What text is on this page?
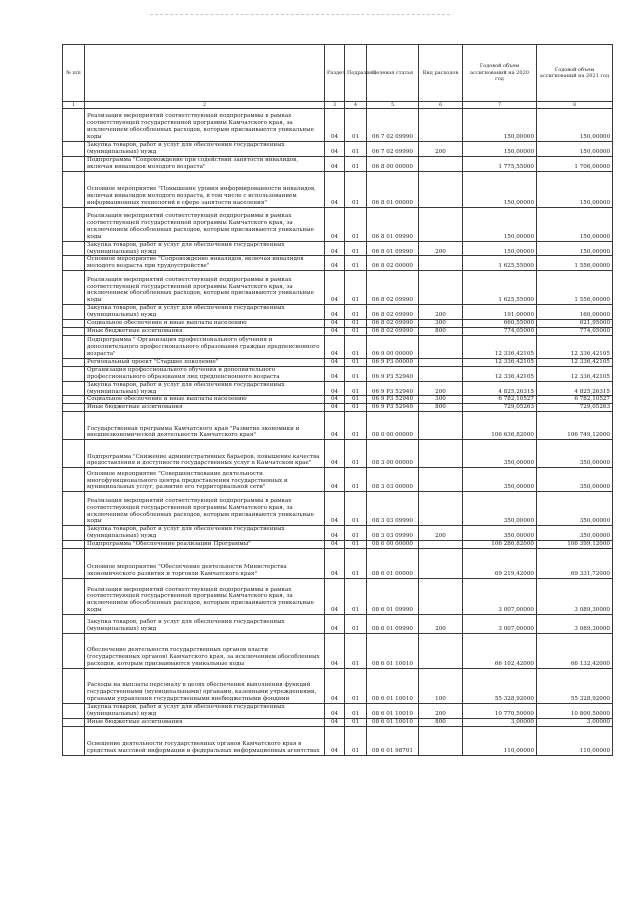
№ п/п		Раздел	Подраздел	Целевая статья	Вид расходов	Годовой объем ассигнований на 2020 год	Годовой объем ассигнований на 2021 год
1	2	3	4	5	6	7	8
	Реализация мероприятий соответствующей подпрограммы в рамках соответствующей государственной программы Камчатского края, за исключением обособленных расходов, которым присваиваются уникальные коды	04	01	06 7 02 09990		150,00000	150,00000
	Закупка товаров, работ и услуг для обеспечения государственных (муниципальных) нужд	04	01	06 7 02 09990	200	150,00000	150,00000
	Подпрограмма "Сопровождение при содействии занятости инвалидов, включая инвалидов молодого возраста"	04	01	06 8 00 00000		1 775,55000	1 706,00000
	Основное мероприятие "Повышение уровня информированности инвалидов, включая инвалидов молодого возраста, в том числе с использованием информационных технологий в сфере занятости населения"	04	01	06 8 01 00000		150,00000	150,00000
	Реализация мероприятий соответствующей подпрограммы в рамках соответствующей государственной программы Камчатского края, за исключением обособленных расходов, которым присваиваются уникальные коды	04	01	06 8 01 09990		150,00000	150,00000
	Закупка товаров, работ и услуг для обеспечения государственных (муниципальных) нужд	04	01	06 8 01 09990	200	150,00000	150,00000
	Основное мероприятие "Сопровождение инвалидов, включая инвалидов молодого возраста при трудоустройстве"	04	01	06 8 02 00000		1 625,55000	1 556,00000
	Реализация мероприятий соответствующей подпрограммы в рамках соответствующей государственной программы Камчатского края, за исключением обособленных расходов, которым присваиваются уникальные коды	04	01	06 8 02 09990		1 625,55000	1 556,00000
	Закупка товаров, работ и услуг для обеспечения государственных (муниципальных) нужд	04	01	06 8 02 09990	200	191,00000	160,00000
	Социальное обеспечение и иные выплаты населению	04	01	06 8 02 09990	300	660,55000	621,95000
	Иные бюджетные ассигнования	04	01	06 8 02 09990	800	774,05000	774,05000
	Подпрограмма " Организация профессионального обучения и дополнительного профессионального образования граждан предпенсионного возраста"	04	01	06 9 00 00000		12 336,42105	12 336,42105
	Региональный проект "Старшее поколение"	04	01	06 9 P3 00000		12 336,42105	12 336,42105
	Организация профессионального обучения и дополнительного профессионального образования лиц предпенсионного возраста	04	01	06 9 P3 52940		12 336,42105	12 336,42105
	Закупка товаров, работ и услуг для обеспечения государственных (муниципальных) нужд	04	01	06 9 P3 52940	200	4 825,26315	4 825,26315
	Социальное обеспечение и иные выплаты населению	04	01	06 9 P3 52940	300	6 782,10527	6 782,10527
	Иные бюджетные ассигнования	04	01	06 9 P3 52940	800	729,05263	729,05263
	Государственная программа Камчатского края "Развитие экономики и внешнеэкономической деятельности Камчатского края"	04	01	08 0 00 00000		106 636,82000	106 749,12000
	Подпрограмма "Снижение административных барьеров, повышение качества предоставления и доступности государственных услуг в Камчатском крае"	04	01	08 3 00 00000		350,00000	350,00000
	Основное мероприятие "Совершенствование деятельности многофункционального центра предоставления государственных и муниципальных услуг, развитие его территориальной сети"	04	01	08 3 03 00000		350,00000	350,00000
	Реализация мероприятий соответствующей подпрограммы в рамках соответствующей государственной программы Камчатского края, за исключением обособленных расходов, которым присваиваются уникальные коды	04	01	08 3 03 09990		350,00000	350,00000
	Закупка товаров, работ и услуг для обеспечения государственных (муниципальных) нужд	04	01	08 3 03 09990	200	350,00000	350,00000
	Подпрограмма "Обеспечение реализации Программы"	04	01	08 6 00 00000		106 286,82000	106 399,12000
	Основное мероприятие "Обеспечение деятельности Министерства экономического развития и торговли Камчатского края"	04	01	08 6 01 00000		69 219,42000	69 331,72000
	Реализация мероприятий соответствующей подпрограммы в рамках соответствующей государственной программы Камчатского края, за исключением обособленных расходов, которым присваиваются уникальные коды	04	01	08 6 01 09990		3 007,00000	3 089,30000
	Закупка товаров, работ и услуг для обеспечения государственных (муниципальных) нужд	04	01	08 6 01 09990	200	3 007,00000	3 089,30000
	Обеспечение деятельности государственных органов власти (государственных органов) Камчатского края, за исключением обособленных расходов, которым присваиваются уникальные коды	04	01	08 6 01 10010		66 102,42000	66 132,42000
	Расходы на выплаты персоналу в целях обеспечения выполнения функций государственными (муниципальными) органами, казенными учреждениями, органами управления государственными внебюджетными фондами	04	01	08 6 01 10010	100	55 328,92000	55 328,92000
	Закупка товаров, работ и услуг для обеспечения государственных (муниципальных) нужд	04	01	08 6 01 10010	200	10 770,50000	10 800,50000
	Иные бюджетные ассигнования	04	01	08 6 01 10010	800	3,00000	3,00000
	Освещение деятельности государственных органов Камчатского края в средствах массовой информации и федеральных информационных агентствах	04	01	08 6 01 98701		110,00000	110,00000
